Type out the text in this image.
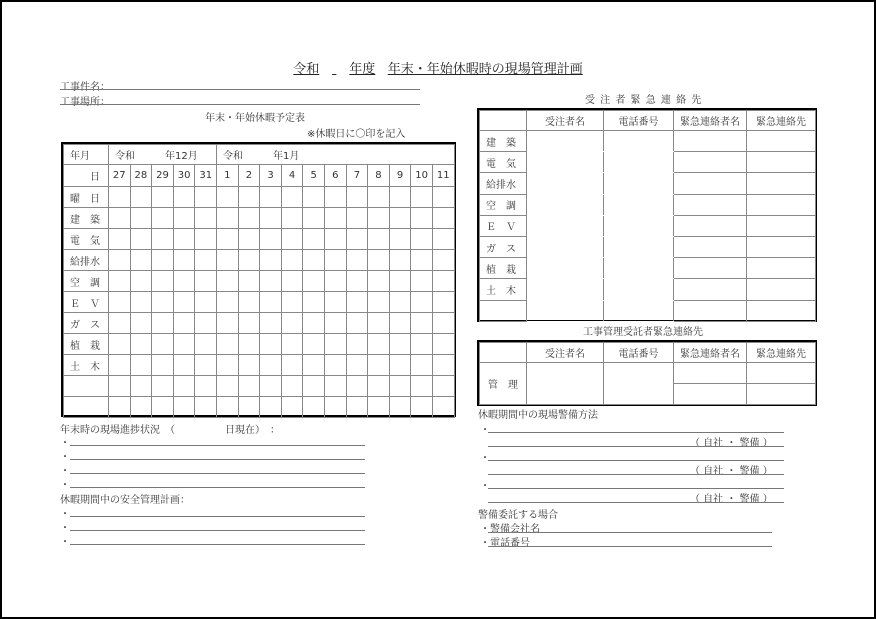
令和 年度 年末・年始休暇時の現場管理計画
工事件名：
工事場所：
年末・年始休暇予定表
※休暇日に〇印を記入
年月	令和　　　年12月					令和　　　年1月										
日	27	28	29	30	31	1	2	3	4	5	6	7	8	9	10	11
曜　日																
建　築																
電　気																
給排水																
空　調																
Ｅ　Ｖ																
ガ　ス																
植　栽																
土　木																

年末時の現場進捗状況　（　　　　　日現在）　：
・
・
・
・
休暇期間中の安全管理計画：
・
・
・
受 注 者 緊 急 連 絡 先
	受注者名	電話番号	緊急連絡者名	緊急連絡先
建　築				
電　気				
給排水				
空　調				
Ｅ　Ｖ				
ガ　ス				
植　栽				
土　木				

工事管理受託者緊急連絡先
	受注者名	電話番号	緊急連絡者名	緊急連絡先
管　理				

休暇期間中の現場警備方法
・
（ 自社 ・ 警備 ）
・
（ 自社 ・ 警備 ）
・
（ 自社 ・ 警備 ）
警備委託する場合
・警備会社名
・電話番号
